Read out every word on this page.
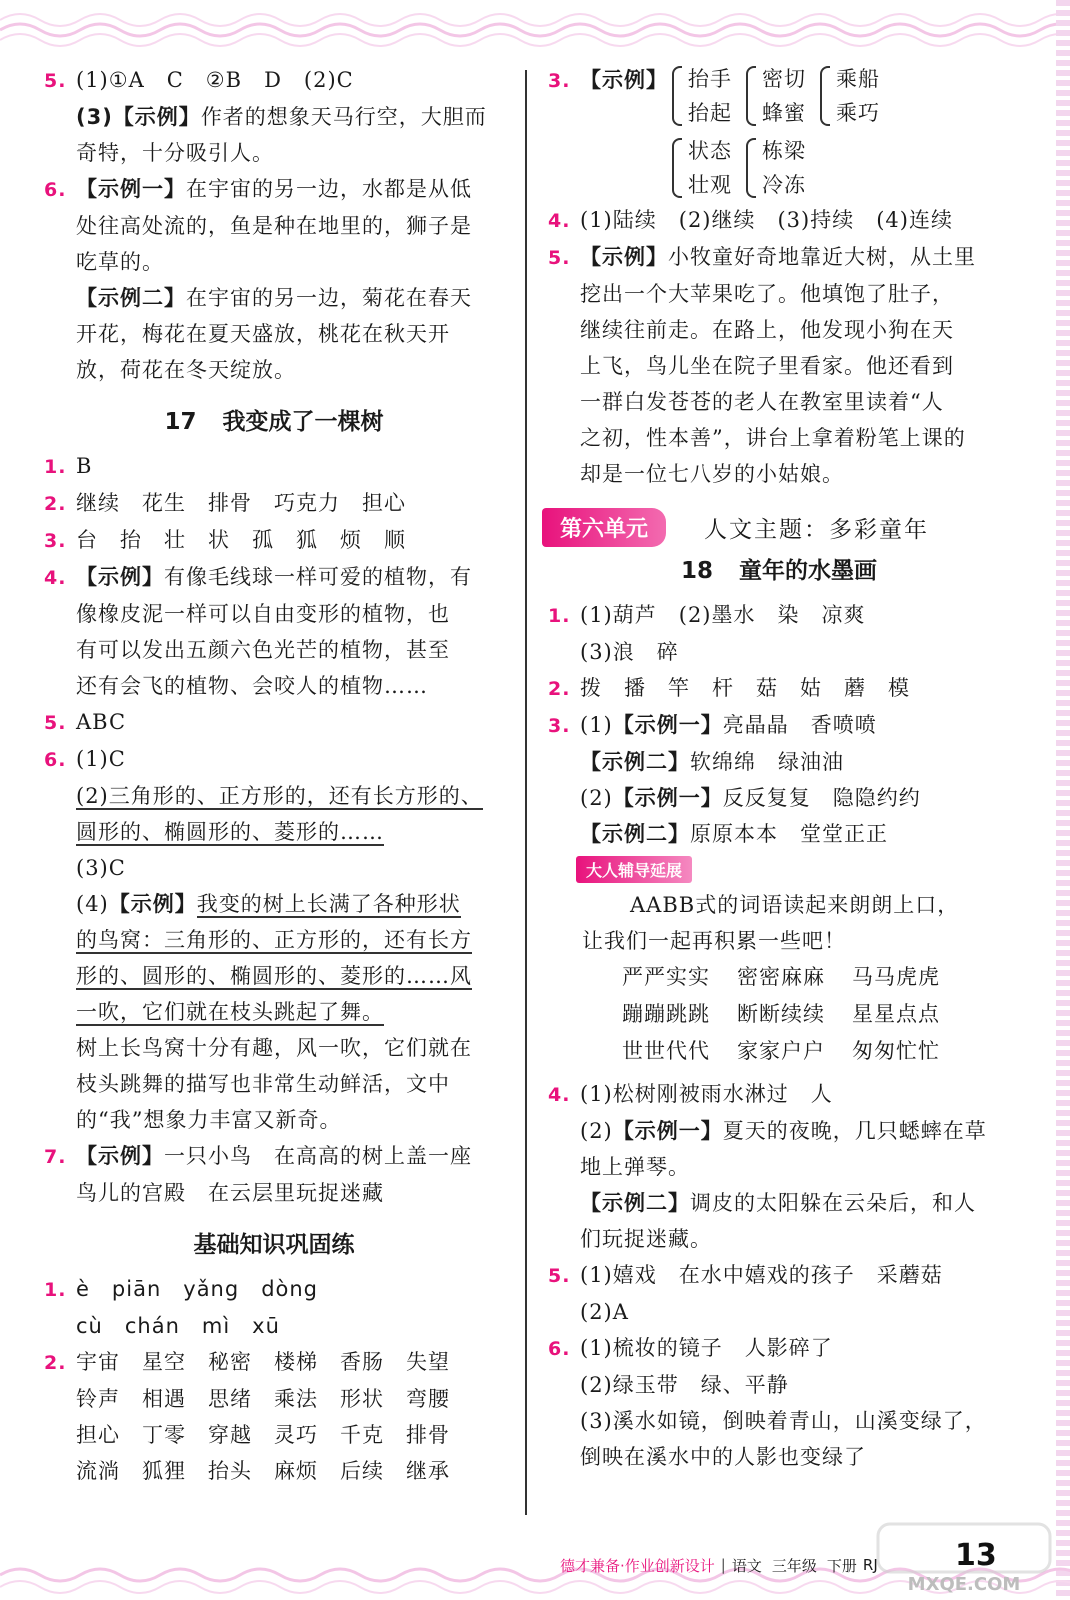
5. (1)①A　C　②B　D　(2)C
(3)【示例】作者的想象天马行空，大胆而
奇特，十分吸引人。
6. 【示例一】在宇宙的另一边，水都是从低
处往高处流的，鱼是种在地里的，狮子是
吃草的。
【示例二】在宇宙的另一边，菊花在春天
开花，梅花在夏天盛放，桃花在秋天开
放，荷花在冬天绽放。
17 我变成了一棵树
1. B
2. 继续　花生　排骨　巧克力　担心
3. 台　抬　壮　状　孤　狐　烦　顺
4. 【示例】有像毛线球一样可爱的植物，有
像橡皮泥一样可以自由变形的植物，也
有可以发出五颜六色光芒的植物，甚至
还有会飞的植物、会咬人的植物……
5. ABC
6. (1)C
(2)三角形的、正方形的，还有长方形的、
圆形的、椭圆形的、菱形的……
(3)C
(4)【示例】我变的树上长满了各种形状
的鸟窝：三角形的、正方形的，还有长方
形的、圆形的、椭圆形的、菱形的……风
一吹，它们就在枝头跳起了舞。
树上长鸟窝十分有趣，风一吹，它们就在
枝头跳舞的描写也非常生动鲜活，文中
的“我”想象力丰富又新奇。
7. 【示例】一只小鸟　在高高的树上盖一座
鸟儿的宫殿　在云层里玩捉迷藏
基础知识巩固练
1. è　piān　yǎng　dòng
cù　chán　mì　xū
2. 宇宙　星空　秘密　楼梯　香肠　失望
铃声　相遇　思绪　乘法　形状　弯腰
担心　丁零　穿越　灵巧　千克　排骨
流淌　狐狸　抬头　麻烦　后续　继承
3. 【示例】 抬手
抬起
密切
蜂蜜
乘船
乘巧
状态
壮观
栋梁
冷冻
4. (1)陆续　(2)继续　(3)持续　(4)连续
5. 【示例】小牧童好奇地靠近大树，从土里
挖出一个大苹果吃了。他填饱了肚子，
继续往前走。在路上，他发现小狗在天
上飞，鸟儿坐在院子里看家。他还看到
一群白发苍苍的老人在教室里读着“人
之初，性本善”，讲台上拿着粉笔上课的
却是一位七八岁的小姑娘。
第六单元	人文主题：多彩童年
18 童年的水墨画
1. (1)葫芦　(2)墨水　染　凉爽
(3)浪　碎
2. 拨　播　竿　杆　菇　姑　蘑　模
3. (1)【示例一】亮晶晶　香喷喷
【示例二】软绵绵　绿油油
(2)【示例一】反反复复　隐隐约约
【示例二】原原本本　堂堂正正
大人辅导延展
AABB式的词语读起来朗朗上口，
让我们一起再积累一些吧！
严严实实	密密麻麻	马马虎虎
蹦蹦跳跳	断断续续	星星点点
世世代代	家家户户	匆匆忙忙
4. (1)松树刚被雨水淋过　人
(2)【示例一】夏天的夜晚，几只蟋蟀在草
地上弹琴。
【示例二】调皮的太阳躲在云朵后，和人
们玩捉迷藏。
5. (1)嬉戏　在水中嬉戏的孩子　采蘑菇
(2)A
6. (1)梳妆的镜子　人影碎了
(2)绿玉带　绿、平静
(3)溪水如镜，倒映着青山，山溪变绿了，
倒映在溪水中的人影也变绿了
德才兼备·作业创新设计 | 语文 三年级 下册 RJ	13
MXQE.COM
